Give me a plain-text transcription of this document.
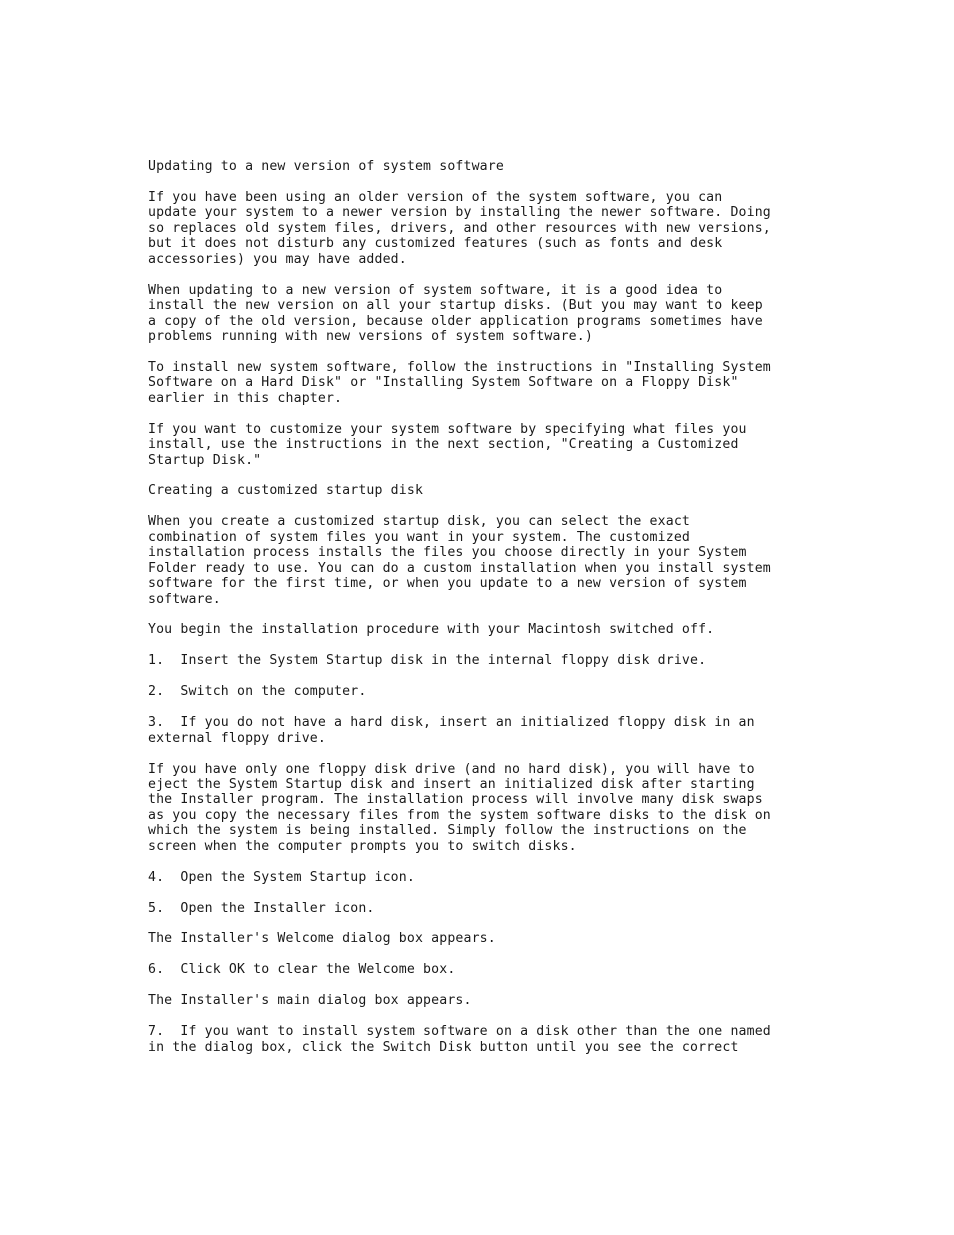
Updating to a new version of system software
If you have been using an older version of the system software, you can
update your system to a newer version by installing the newer software. Doing
so replaces old system files, drivers, and other resources with new versions,
but it does not disturb any customized features (such as fonts and desk
accessories) you may have added.
When updating to a new version of system software, it is a good idea to
install the new version on all your startup disks. (But you may want to keep
a copy of the old version, because older application programs sometimes have
problems running with new versions of system software.)
To install new system software, follow the instructions in "Installing System
Software on a Hard Disk" or "Installing System Software on a Floppy Disk"
earlier in this chapter.
If you want to customize your system software by specifying what files you
install, use the instructions in the next section, "Creating a Customized
Startup Disk."
Creating a customized startup disk
When you create a customized startup disk, you can select the exact
combination of system files you want in your system. The customized
installation process installs the files you choose directly in your System
Folder ready to use. You can do a custom installation when you install system
software for the first time, or when you update to a new version of system
software.
You begin the installation procedure with your Macintosh switched off.
1.  Insert the System Startup disk in the internal floppy disk drive.
2.  Switch on the computer.
3.  If you do not have a hard disk, insert an initialized floppy disk in an
external floppy drive.
If you have only one floppy disk drive (and no hard disk), you will have to
eject the System Startup disk and insert an initialized disk after starting
the Installer program. The installation process will involve many disk swaps
as you copy the necessary files from the system software disks to the disk on
which the system is being installed. Simply follow the instructions on the
screen when the computer prompts you to switch disks.
4.  Open the System Startup icon.
5.  Open the Installer icon.
The Installer's Welcome dialog box appears.
6.  Click OK to clear the Welcome box.
The Installer's main dialog box appears.
7.  If you want to install system software on a disk other than the one named
in the dialog box, click the Switch Disk button until you see the correct
